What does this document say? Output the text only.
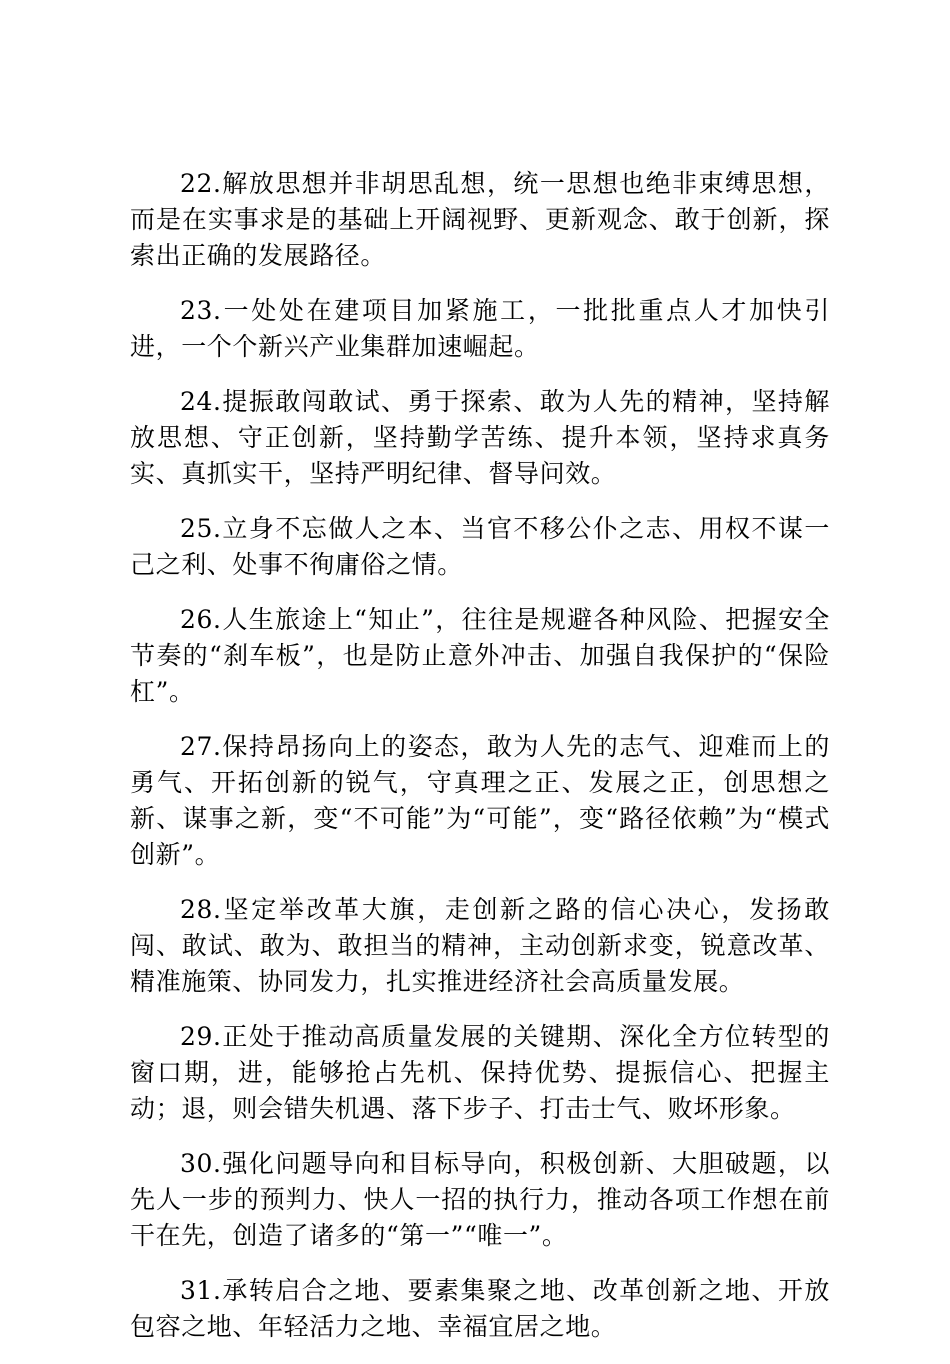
22.解放思想并非胡思乱想，统一思想也绝非束缚思想，而是在实事求是的基础上开阔视野、更新观念、敢于创新，探索出正确的发展路径。

23.一处处在建项目加紧施工，一批批重点人才加快引进，一个个新兴产业集群加速崛起。

24.提振敢闯敢试、勇于探索、敢为人先的精神，坚持解放思想、守正创新，坚持勤学苦练、提升本领，坚持求真务实、真抓实干，坚持严明纪律、督导问效。

25.立身不忘做人之本、当官不移公仆之志、用权不谋一己之利、处事不徇庸俗之情。

26.人生旅途上“知止”，往往是规避各种风险、把握安全节奏的“刹车板”，也是防止意外冲击、加强自我保护的“保险杠”。

27.保持昂扬向上的姿态，敢为人先的志气、迎难而上的勇气、开拓创新的锐气，守真理之正、发展之正，创思想之新、谋事之新，变“不可能”为“可能”，变“路径依赖”为“模式创新”。

28.坚定举改革大旗，走创新之路的信心决心，发扬敢闯、敢试、敢为、敢担当的精神，主动创新求变，锐意改革、精准施策、协同发力，扎实推进经济社会高质量发展。

29.正处于推动高质量发展的关键期、深化全方位转型的窗口期，进，能够抢占先机、保持优势、提振信心、把握主动；退，则会错失机遇、落下步子、打击士气、败坏形象。

30.强化问题导向和目标导向，积极创新、大胆破题，以先人一步的预判力、快人一招的执行力，推动各项工作想在前干在先，创造了诸多的“第一”“唯一”。

31.承转启合之地、要素集聚之地、改革创新之地、开放包容之地、年轻活力之地、幸福宜居之地。
